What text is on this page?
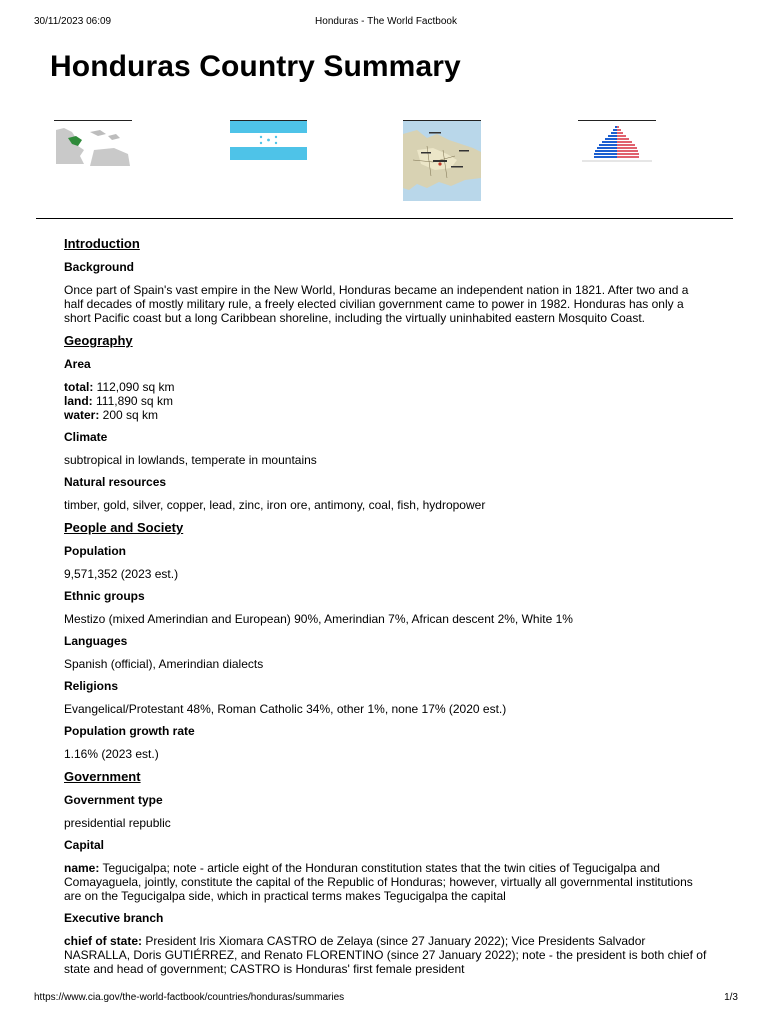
30/11/2023 06:09	Honduras - The World Factbook
Honduras Country Summary
Introduction
Background
Once part of Spain's vast empire in the New World, Honduras became an independent nation in 1821. After two and a half decades of mostly military rule, a freely elected civilian government came to power in 1982. Honduras has only a short Pacific coast but a long Caribbean shoreline, including the virtually uninhabited eastern Mosquito Coast.
Geography
Area
total: 112,090 sq km
land: 111,890 sq km
water: 200 sq km
Climate
subtropical in lowlands, temperate in mountains
Natural resources
timber, gold, silver, copper, lead, zinc, iron ore, antimony, coal, fish, hydropower
People and Society
Population
9,571,352 (2023 est.)
Ethnic groups
Mestizo (mixed Amerindian and European) 90%, Amerindian 7%, African descent 2%, White 1%
Languages
Spanish (official), Amerindian dialects
Religions
Evangelical/Protestant 48%, Roman Catholic 34%, other 1%, none 17% (2020 est.)
Population growth rate
1.16% (2023 est.)
Government
Government type
presidential republic
Capital
name: Tegucigalpa; note - article eight of the Honduran constitution states that the twin cities of Tegucigalpa and Comayaguela, jointly, constitute the capital of the Republic of Honduras; however, virtually all governmental institutions are on the Tegucigalpa side, which in practical terms makes Tegucigalpa the capital
Executive branch
chief of state: President Iris Xiomara CASTRO de Zelaya (since 27 January 2022); Vice Presidents Salvador NASRALLA, Doris GUTIÉRREZ, and Renato FLORENTINO (since 27 January 2022); note - the president is both chief of state and head of government; CASTRO is Honduras' first female president
https://www.cia.gov/the-world-factbook/countries/honduras/summaries	1/3
